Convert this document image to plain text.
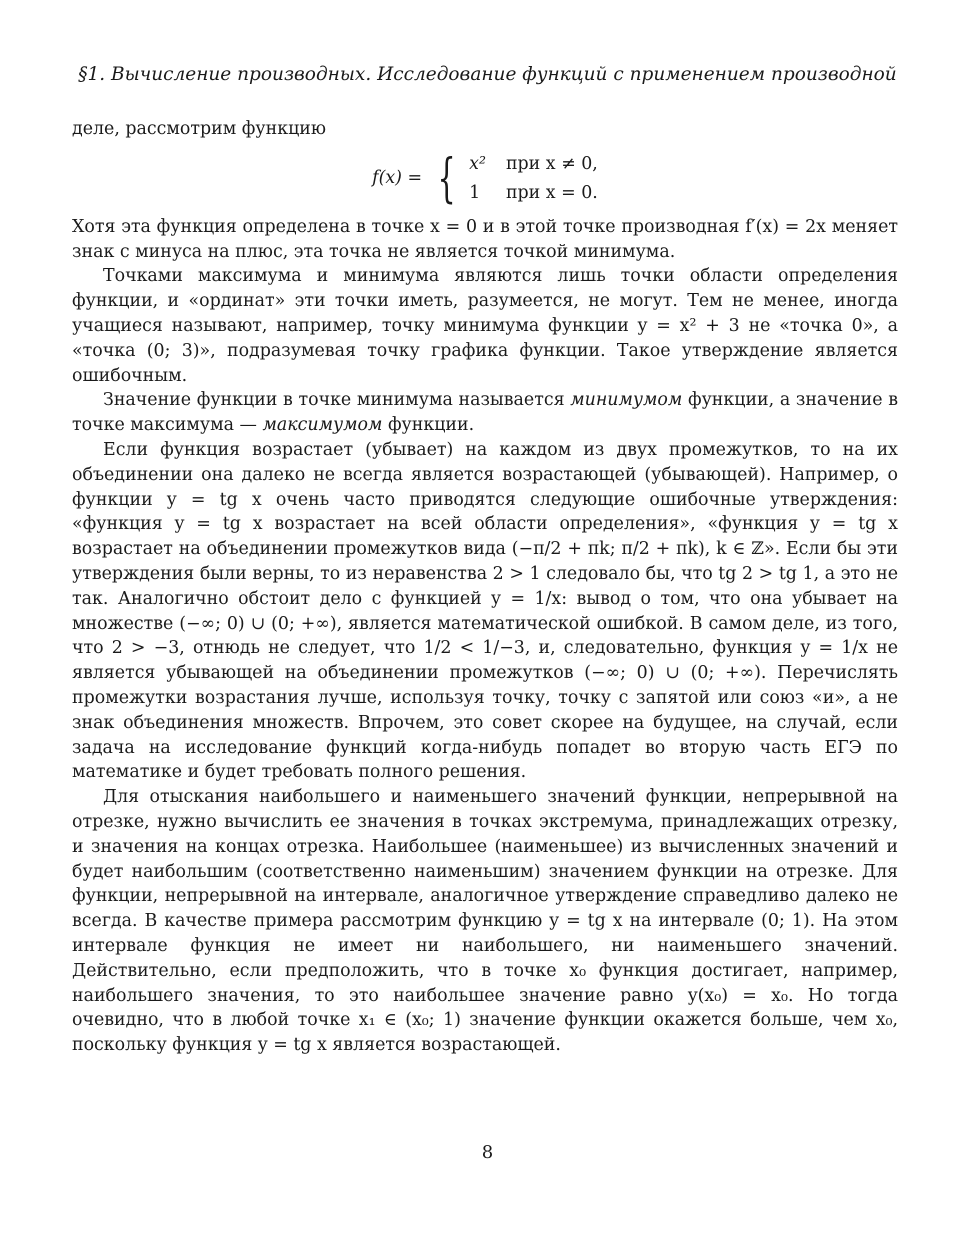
§1. Вычисление производных. Исследование функций с применением производной

деле, рассмотрим функцию

f(x) = { x² при x ≠ 0,
1	при x = 0.

Хотя эта функция определена в точке x = 0 и в этой точке производная f′(x) = 2x меняет знак с минуса на плюс, эта точка не является точкой минимума.

Точками максимума и минимума являются лишь точки области определения функции, и «ординат» эти точки иметь, разумеется, не могут. Тем не менее, иногда учащиеся называют, например, точку минимума функции y = x² + 3 не «точка 0», а «точка (0; 3)», подразумевая точку графика функции. Такое утверждение является ошибочным.

Значение функции в точке минимума называется минимумом функции, а значение в точке максимума — максимумом функции.

Если функция возрастает (убывает) на каждом из двух промежутков, то на их объединении она далеко не всегда является возрастающей (убывающей). Например, о функции y = tg x очень часто приводятся следующие ошибочные утверждения: «функция y = tg x возрастает на всей области определения», «функция y = tg x возрастает на объединении промежутков вида (−π/2 + πk; π/2 + πk), k ∈ ℤ». Если бы эти утверждения были верны, то из неравенства 2 > 1 следовало бы, что tg 2 > tg 1, а это не так. Аналогично обстоит дело с функцией y = 1/x: вывод о том, что она убывает на множестве (−∞; 0) ∪ (0; +∞), является математической ошибкой. В самом деле, из того, что 2 > −3, отнюдь не следует, что 1/2 < 1/−3, и, следовательно, функция y = 1/x не является убывающей на объединении промежутков (−∞; 0) ∪ (0; +∞). Перечислять промежутки возрастания лучше, используя точку, точку с запятой или союз «и», а не знак объединения множеств. Впрочем, это совет скорее на будущее, на случай, если задача на исследование функций когда-нибудь попадет во вторую часть ЕГЭ по математике и будет требовать полного решения.

Для отыскания наибольшего и наименьшего значений функции, непрерывной на отрезке, нужно вычислить ее значения в точках экстремума, принадлежащих отрезку, и значения на концах отрезка. Наибольшее (наименьшее) из вычисленных значений и будет наибольшим (соответственно наименьшим) значением функции на отрезке. Для функции, непрерывной на интервале, аналогичное утверждение справедливо далеко не всегда. В качестве примера рассмотрим функцию y = tg x на интервале (0; 1). На этом интервале функция не имеет ни наибольшего, ни наименьшего значений. Действительно, если предположить, что в точке x₀ функция достигает, например, наибольшего значения, то это наибольшее значение равно y(x₀) = x₀. Но тогда очевидно, что в любой точке x₁ ∈ (x₀; 1) значение функции окажется больше, чем x₀, поскольку функция y = tg x является возрастающей.

8
